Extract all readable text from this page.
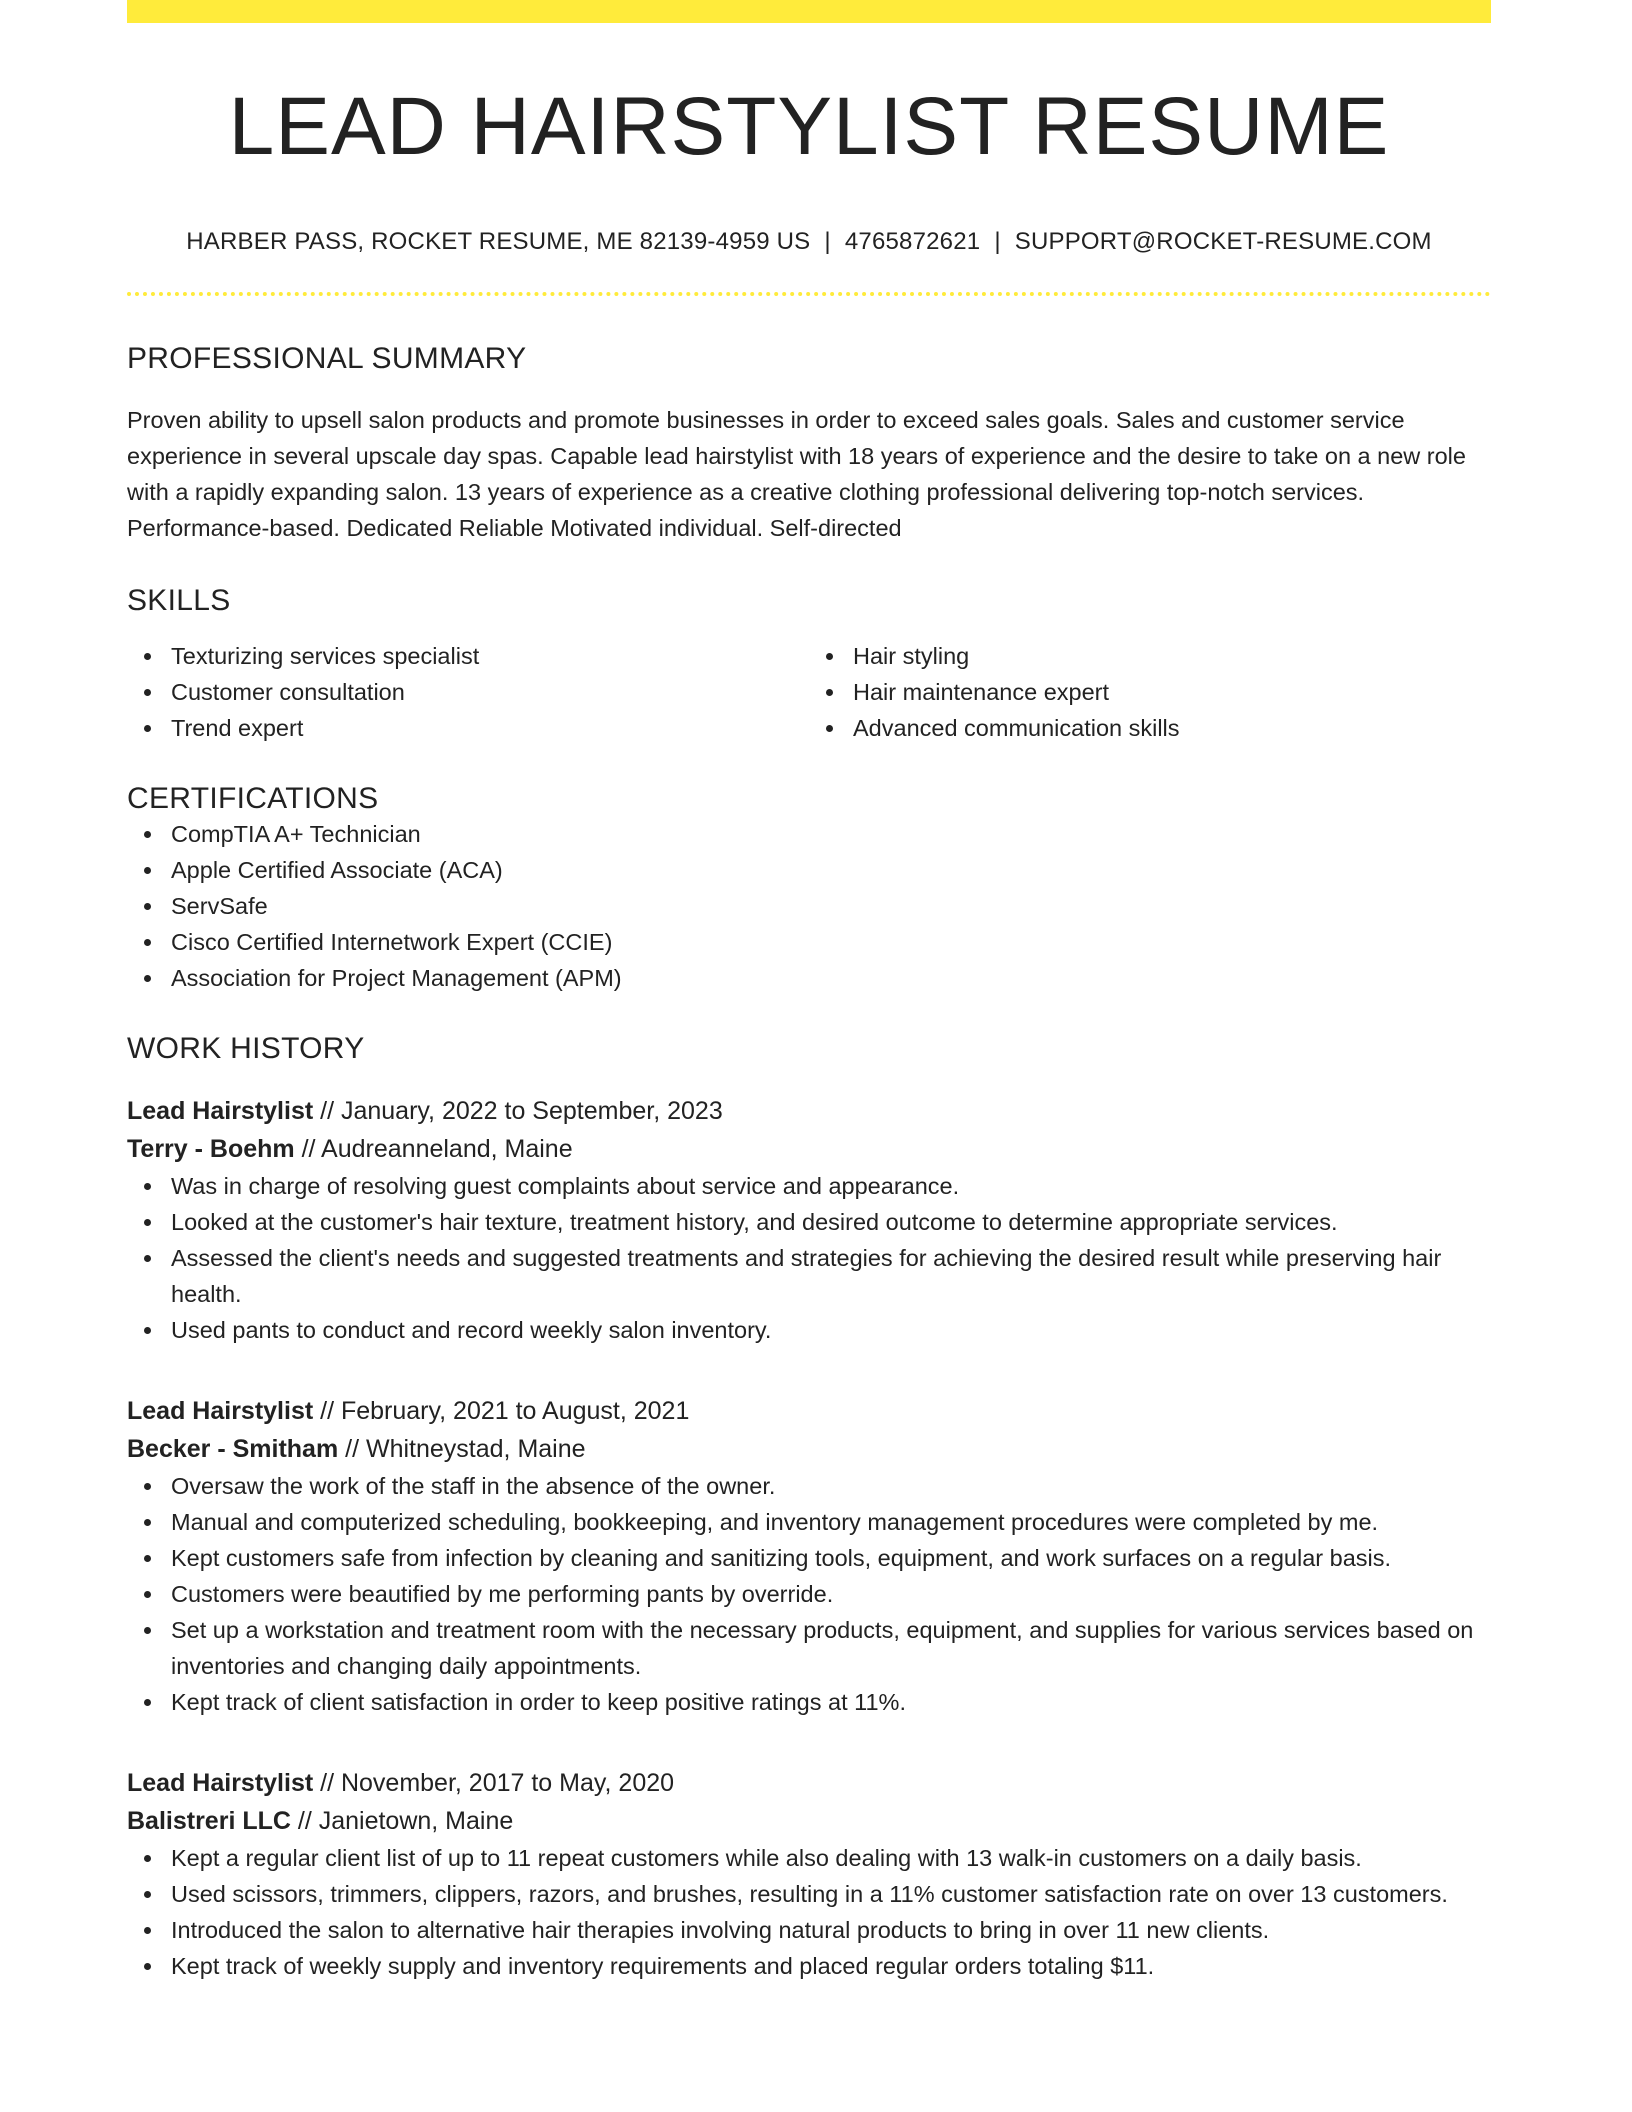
LEAD HAIRSTYLIST RESUME
HARBER PASS, ROCKET RESUME, ME 82139-4959 US | 4765872621 | SUPPORT@ROCKET-RESUME.COM
PROFESSIONAL SUMMARY

Proven ability to upsell salon products and promote businesses in order to exceed sales goals. Sales and customer service experience in several upscale day spas. Capable lead hairstylist with 18 years of experience and the desire to take on a new role with a rapidly expanding salon. 13 years of experience as a creative clothing professional delivering top-notch services. Performance-based. Dedicated Reliable Motivated individual. Self-directed

SKILLS
Texturizing services specialist
Customer consultation
Trend expert
Hair styling
Hair maintenance expert
Advanced communication skills
CERTIFICATIONS
CompTIA A+ Technician
Apple Certified Associate (ACA)
ServSafe
Cisco Certified Internetwork Expert (CCIE)
Association for Project Management (APM)
WORK HISTORY
Lead Hairstylist // January, 2022 to September, 2023
Terry - Boehm // Audreanneland, Maine
Was in charge of resolving guest complaints about service and appearance.
Looked at the customer's hair texture, treatment history, and desired outcome to determine appropriate services.
Assessed the client's needs and suggested treatments and strategies for achieving the desired result while preserving hair health.
Used pants to conduct and record weekly salon inventory.
Lead Hairstylist // February, 2021 to August, 2021
Becker - Smitham // Whitneystad, Maine
Oversaw the work of the staff in the absence of the owner.
Manual and computerized scheduling, bookkeeping, and inventory management procedures were completed by me.
Kept customers safe from infection by cleaning and sanitizing tools, equipment, and work surfaces on a regular basis.
Customers were beautified by me performing pants by override.
Set up a workstation and treatment room with the necessary products, equipment, and supplies for various services based on inventories and changing daily appointments.
Kept track of client satisfaction in order to keep positive ratings at 11%.
Lead Hairstylist // November, 2017 to May, 2020
Balistreri LLC // Janietown, Maine
Kept a regular client list of up to 11 repeat customers while also dealing with 13 walk-in customers on a daily basis.
Used scissors, trimmers, clippers, razors, and brushes, resulting in a 11% customer satisfaction rate on over 13 customers.
Introduced the salon to alternative hair therapies involving natural products to bring in over 11 new clients.
Kept track of weekly supply and inventory requirements and placed regular orders totaling $11.
